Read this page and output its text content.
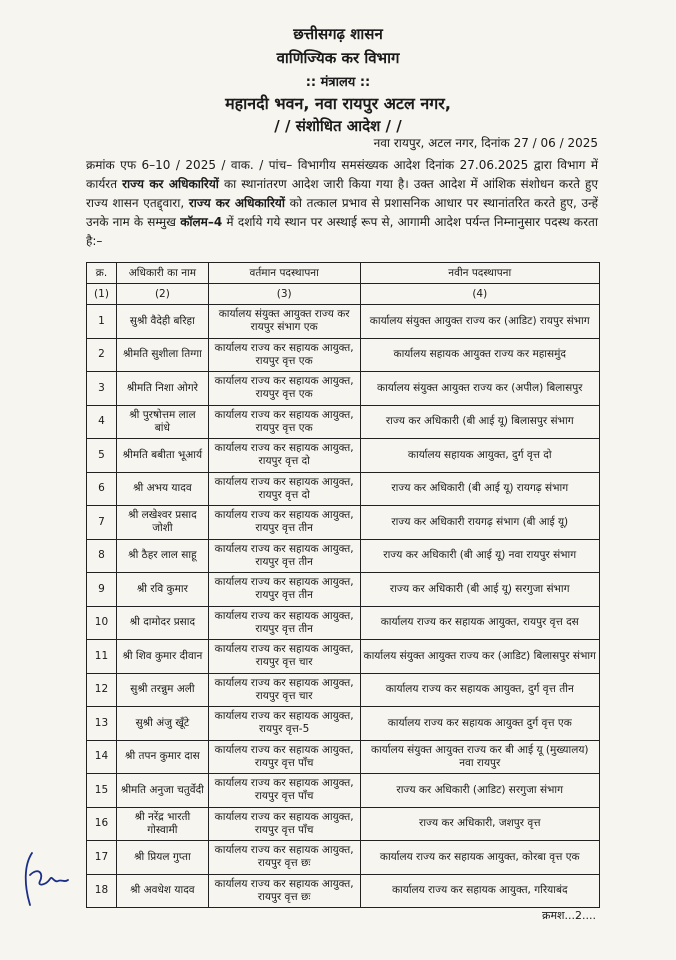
छत्तीसगढ़ शासन
वाणिज्यिक कर विभाग
:: मंत्रालय ::
महानदी भवन, नवा रायपुर अटल नगर,
/ / संशोधित आदेश / /
नवा रायपुर, अटल नगर, दिनांक 27 / 06 / 2025
क्रमांक एफ 6–10 / 2025 / वाक. / पांच– विभागीय समसंख्यक आदेश दिनांक 27.06.2025 द्वारा विभाग में कार्यरत राज्य कर अधिकारियों का स्थानांतरण आदेश जारी किया गया है। उक्त आदेश में आंशिक संशोधन करते हुए राज्य शासन एतद्द्वारा, राज्य कर अधिकारियों को तत्काल प्रभाव से प्रशासनिक आधार पर स्थानांतरित करते हुए, उन्हें उनके नाम के सम्मुख कॉलम–4 में दर्शाये गये स्थान पर अस्थाई रूप से, आगामी आदेश पर्यन्त निम्नानुसार पदस्थ करता है:–
क्र.	अधिकारी का नाम	वर्तमान पदस्थापना	नवीन पदस्थापना
(1)	(2)	(3)	(4)
1	सुश्री वैदेही बरिहा	कार्यालय संयुक्त आयुक्त राज्य कर रायपुर संभाग एक	कार्यालय संयुक्त आयुक्त राज्य कर (आडिट) रायपुर संभाग
2	श्रीमति सुशीला तिग्गा	कार्यालय राज्य कर सहायक आयुक्त, रायपुर वृत्त एक	कार्यालय सहायक आयुक्त राज्य कर महासमुंद
3	श्रीमति निशा ओगरे	कार्यालय राज्य कर सहायक आयुक्त, रायपुर वृत्त एक	कार्यालय संयुक्त आयुक्त राज्य कर (अपील) बिलासपुर
4	श्री पुरषोत्तम लाल बांधे	कार्यालय राज्य कर सहायक आयुक्त, रायपुर वृत्त एक	राज्य कर अधिकारी (बी आई यू) बिलासपुर संभाग
5	श्रीमति बबीता भूआर्य	कार्यालय राज्य कर सहायक आयुक्त, रायपुर वृत्त दो	कार्यालय सहायक आयुक्त, दुर्ग वृत्त दो
6	श्री अभय यादव	कार्यालय राज्य कर सहायक आयुक्त, रायपुर वृत्त दो	राज्य कर अधिकारी (बी आई यू) रायगढ़ संभाग
7	श्री लखेश्वर प्रसाद जोशी	कार्यालय राज्य कर सहायक आयुक्त, रायपुर वृत्त तीन	राज्य कर अधिकारी रायगढ़ संभाग (बी आई यू)
8	श्री ठैहर लाल साहू	कार्यालय राज्य कर सहायक आयुक्त, रायपुर वृत्त तीन	राज्य कर अधिकारी (बी आई यू) नवा रायपुर संभाग
9	श्री रवि कुमार	कार्यालय राज्य कर सहायक आयुक्त, रायपुर वृत्त तीन	राज्य कर अधिकारी (बी आई यू) सरगुजा संभाग
10	श्री दामोदर प्रसाद	कार्यालय राज्य कर सहायक आयुक्त, रायपुर वृत्त तीन	कार्यालय राज्य कर सहायक आयुक्त, रायपुर वृत्त दस
11	श्री शिव कुमार दीवान	कार्यालय राज्य कर सहायक आयुक्त, रायपुर वृत्त चार	कार्यालय संयुक्त आयुक्त राज्य कर (आडिट) बिलासपुर संभाग
12	सुश्री तरन्नुम अली	कार्यालय राज्य कर सहायक आयुक्त, रायपुर वृत्त चार	कार्यालय राज्य कर सहायक आयुक्त, दुर्ग वृत्त तीन
13	सुश्री अंजु खूँटे	कार्यालय राज्य कर सहायक आयुक्त, रायपुर वृत्त-5	कार्यालय राज्य कर सहायक आयुक्त दुर्ग वृत्त एक
14	श्री तपन कुमार दास	कार्यालय राज्य कर सहायक आयुक्त, रायपुर वृत्त पाँच	कार्यालय संयुक्त आयुक्त राज्य कर बी आई यू (मुख्यालय) नवा रायपुर
15	श्रीमति अनुजा चतुर्वेदी	कार्यालय राज्य कर सहायक आयुक्त, रायपुर वृत्त पाँच	राज्य कर अधिकारी (आडिट) सरगुजा संभाग
16	श्री नरेंद्र भारती गोस्वामी	कार्यालय राज्य कर सहायक आयुक्त, रायपुर वृत्त पाँच	राज्य कर अधिकारी, जशपुर वृत्त
17	श्री प्रियल गुप्ता	कार्यालय राज्य कर सहायक आयुक्त, रायपुर वृत्त छः	कार्यालय राज्य कर सहायक आयुक्त, कोरबा वृत्त एक
18	श्री अवधेश यादव	कार्यालय राज्य कर सहायक आयुक्त, रायपुर वृत्त छः	कार्यालय राज्य कर सहायक आयुक्त, गरियाबंद
क्रमश...2....
